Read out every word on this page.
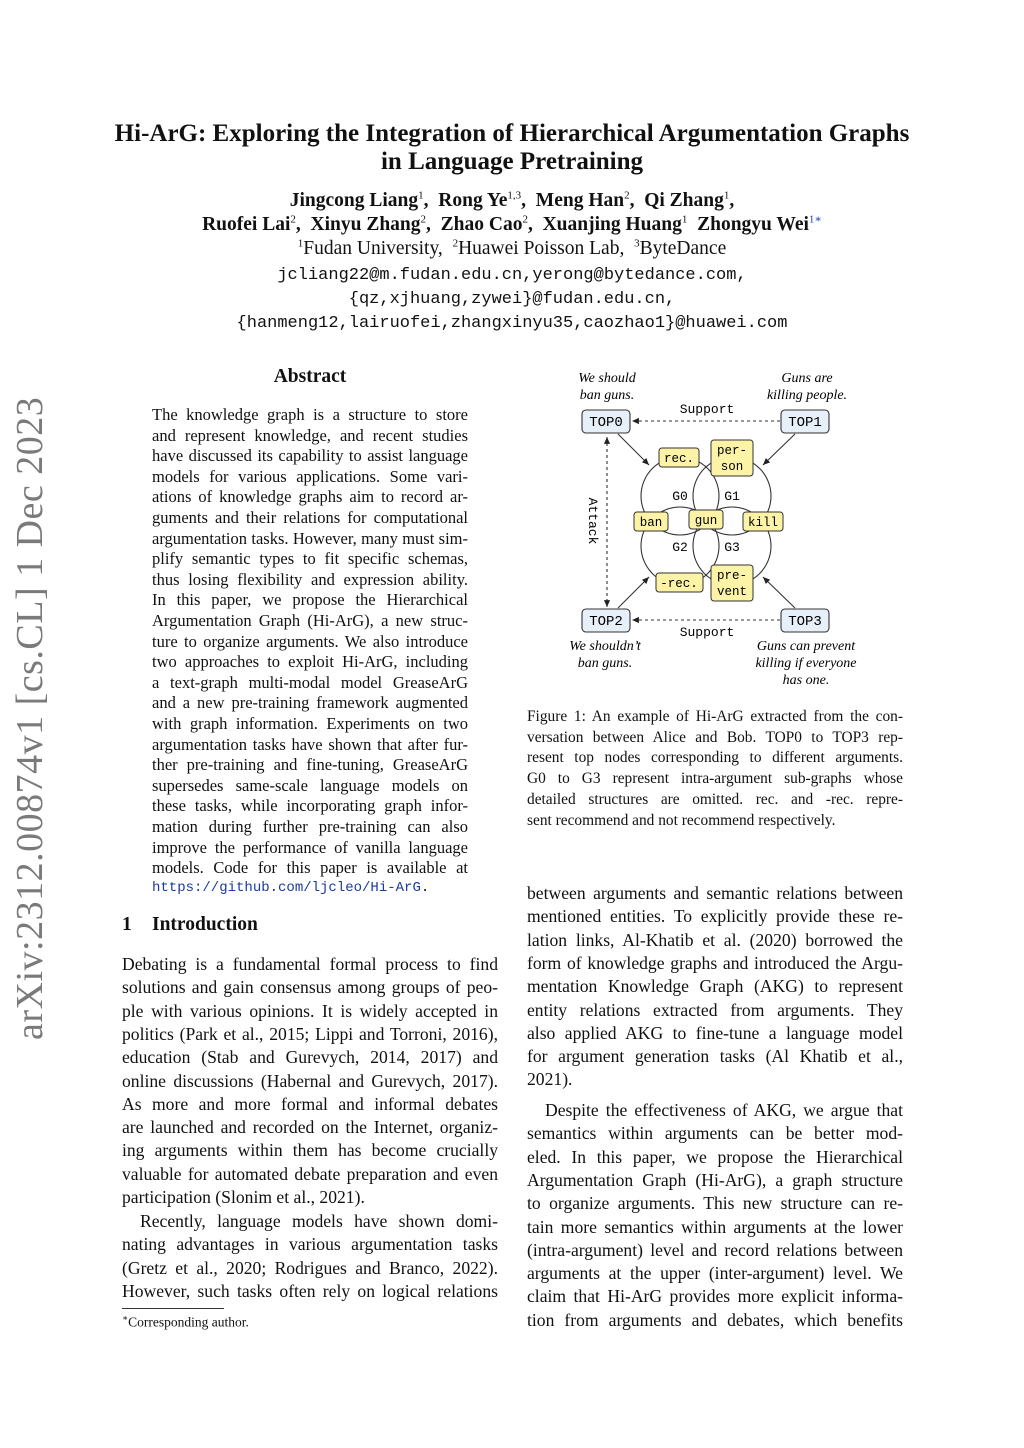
arXiv:2312.00874v1 [cs.CL] 1 Dec 2023
Hi-ArG: Exploring the Integration of Hierarchical Argumentation Graphs
in Language Pretraining
Jingcong Liang$^1$,  Rong Ye$^{1,3}$,  Meng Han$^2$,  Qi Zhang$^1$,
Ruofei Lai$^2$,  Xinyu Zhang$^2$,  Zhao Cao$^2$,  Xuanjing Huang$^1$ Zhongyu Wei$^{1∗}$
$^1$Fudan University, $^2$Huawei Poisson Lab, $^3$ByteDance
jcliang22@m.fudan.edu.cn,yerong@bytedance.com,
{qz,xjhuang,zywei}@fudan.edu.cn,
{hanmeng12,lairuofei,zhangxinyu35,caozhao1}@huawei.com
Abstract
The knowledge graph is a structure to store
and represent knowledge, and recent studies
have discussed its capability to assist language
models for various applications. Some vari-
ations of knowledge graphs aim to record ar-
guments and their relations for computational
argumentation tasks. However, many must sim-
plify semantic types to fit specific schemas,
thus losing flexibility and expression ability.
In this paper, we propose the Hierarchical
Argumentation Graph (Hi-ArG), a new struc-
ture to organize arguments. We also introduce
two approaches to exploit Hi-ArG, including
a text-graph multi-modal model GreaseArG
and a new pre-training framework augmented
with graph information. Experiments on two
argumentation tasks have shown that after fur-
ther pre-training and fine-tuning, GreaseArG
supersedes same-scale language models on
these tasks, while incorporating graph infor-
mation during further pre-training can also
improve the performance of vanilla language
models. Code for this paper is available at
https://github.com/ljcleo/Hi-ArG.
1 Introduction
Debating is a fundamental formal process to find
solutions and gain consensus among groups of peo-
ple with various opinions. It is widely accepted in
politics (Park et al., 2015; Lippi and Torroni, 2016),
education (Stab and Gurevych, 2014, 2017) and
online discussions (Habernal and Gurevych, 2017).
As more and more formal and informal debates
are launched and recorded on the Internet, organiz-
ing arguments within them has become crucially
valuable for automated debate preparation and even
participation (Slonim et al., 2021).
Recently, language models have shown domi-
nating advantages in various argumentation tasks
(Gretz et al., 2020; Rodrigues and Branco, 2022).
However, such tasks often rely on logical relations
∗Corresponding author.
We should
ban guns.
Guns are
killing people.
Support
Attack
Support
G0	G1
G2	G3
TOP0	TOP1
TOP2	TOP3
rec.
per-
son
ban	gun kill
-rec.
pre-
vent
We shouldn’t
ban guns.
Guns can prevent
killing if everyone
has one.
Figure 1: An example of Hi-ArG extracted from the con-
versation between Alice and Bob. TOP0 to TOP3 rep-
resent top nodes corresponding to different arguments.
G0 to G3 represent intra-argument sub-graphs whose
detailed structures are omitted. rec. and -rec. repre-
sent recommend and not recommend respectively.
between arguments and semantic relations between
mentioned entities. To explicitly provide these re-
lation links, Al-Khatib et al. (2020) borrowed the
form of knowledge graphs and introduced the Argu-
mentation Knowledge Graph (AKG) to represent
entity relations extracted from arguments. They
also applied AKG to fine-tune a language model
for argument generation tasks (Al Khatib et al.,
2021).
Despite the effectiveness of AKG, we argue that
semantics within arguments can be better mod-
eled. In this paper, we propose the Hierarchical
Argumentation Graph (Hi-ArG), a graph structure
to organize arguments. This new structure can re-
tain more semantics within arguments at the lower
(intra-argument) level and record relations between
arguments at the upper (inter-argument) level. We
claim that Hi-ArG provides more explicit informa-
tion from arguments and debates, which benefits
